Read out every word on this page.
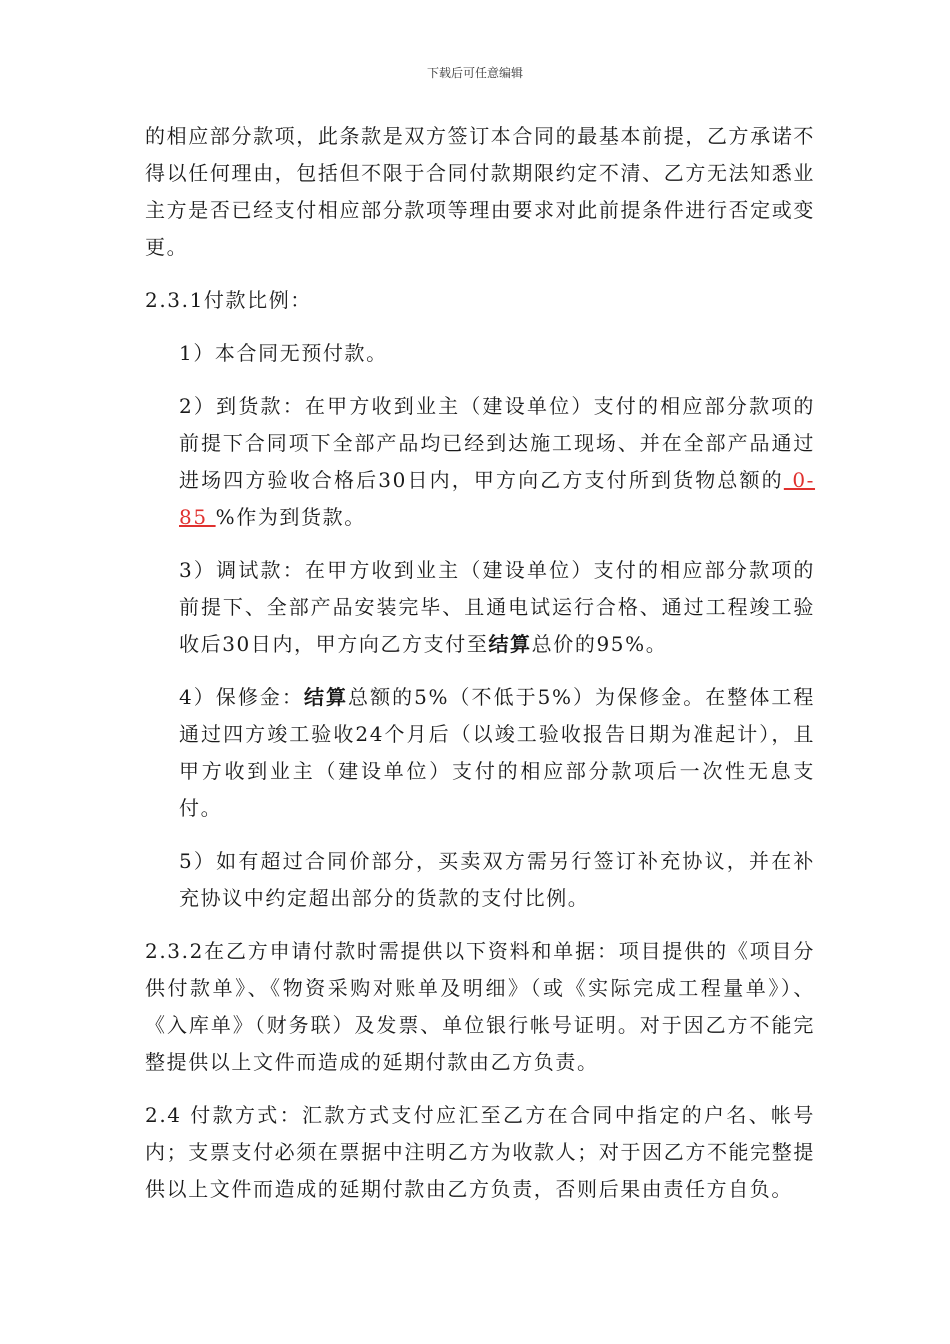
下载后可任意编辑

的相应部分款项，此条款是双方签订本合同的最基本前提，乙方承诺不得以任何理由，包括但不限于合同付款期限约定不清、乙方无法知悉业主方是否已经支付相应部分款项等理由要求对此前提条件进行否定或变更。

2.3.1付款比例：

1）本合同无预付款。

2）到货款：在甲方收到业主（建设单位）支付的相应部分款项的前提下合同项下全部产品均已经到达施工现场、并在全部产品通过进场四方验收合格后30日内，甲方向乙方支付所到货物总额的 0-85 %作为到货款。

3）调试款：在甲方收到业主（建设单位）支付的相应部分款项的前提下、全部产品安装完毕、且通电试运行合格、通过工程竣工验收后30日内，甲方向乙方支付至结算总价的95%。

4）保修金：结算总额的5%（不低于5%）为保修金。在整体工程通过四方竣工验收24个月后（以竣工验收报告日期为准起计），且甲方收到业主（建设单位）支付的相应部分款项后一次性无息支付。

5）如有超过合同价部分，买卖双方需另行签订补充协议，并在补充协议中约定超出部分的货款的支付比例。

2.3.2在乙方申请付款时需提供以下资料和单据：项目提供的《项目分供付款单》、《物资采购对账单及明细》（或《实际完成工程量单》）、《入库单》（财务联）及发票、单位银行帐号证明。对于因乙方不能完整提供以上文件而造成的延期付款由乙方负责。

2.4 付款方式：汇款方式支付应汇至乙方在合同中指定的户名、帐号内；支票支付必须在票据中注明乙方为收款人；对于因乙方不能完整提供以上文件而造成的延期付款由乙方负责，否则后果由责任方自负。
